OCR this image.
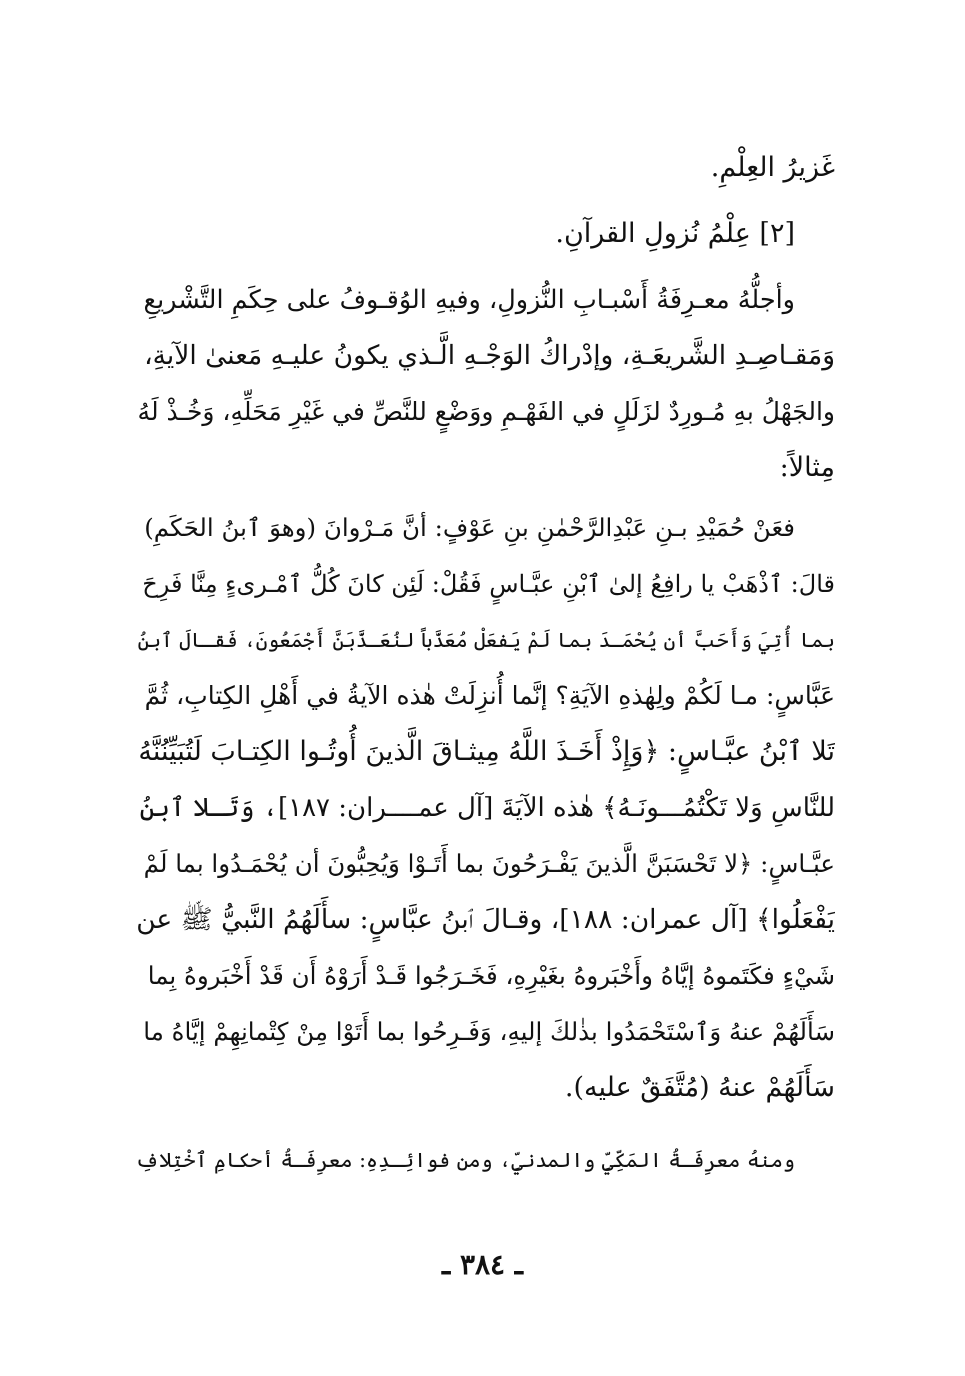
غَزيرُ العِلْمِ.
[٢] عِلْمُ نُزولِ القرآنِ.
وأجلُّهُ معـرِفَةُ أَسْبـابِ النُّزولِ، وفيهِ الوُقـوفُ على حِكَمِ التَّشْريعِ
وَمَقـاصِـدِ الشَّريعَـةِ، وإدْراكُ الوَجْـهِ الَّـذي يكونُ عليـهِ مَعنىٰ الآيةِ،
والجَهْلُ بهِ مُـورِدٌ لزَلَلٍ في الفَهْـمِ ووَضْعٍ للنَّصِّ في غَيْرِ مَحَلِّهِ، وَخُـذْ لَهُ
مِثالاً:
فعَنْ حُمَيْدِ بـنِ عَبْدِالرَّحْمٰنِ بنِ عَوْفٍ: أنَّ مَـرْوانَ (وهوَ ٱبنُ الحَكَمِ)
قالَ: ٱذْهَبْ يا رافِعُ إلىٰ ٱبْنِ عبَّـاسٍ فَقُلْ: لَئِن كانَ كُلُّ ٱمْـرىءٍ مِنَّا فَرِحَ
بما أُتِيَ وَأَحَبَّ أن يُحْمَـدَ بما لَمْ يَفعَلْ مُعَذَّباً لنُعَـذَّبَنَّ أَجْمَعُونَ، فَقـالَ ٱبنُ
عَبَّاسٍ: مـا لَكُمْ ولِهٰذهِ الآيَةِ؟ إنَّما أُنزِلَتْ هٰذه الآيةُ في أَهْلِ الكِتابِ، ثُمَّ
تَلا ٱبْنُ عبَّـاسٍ: ﴿وَإِذْ أَخَـذَ اللَّهُ مِيثـاقَ الَّذينَ أُوتُـوا الكِتـابَ لَتُبَيِّنُنَّهُ
للنَّاسِ وَلا تَكْتُمُـــونَـهُ﴾ هٰذه الآيَةَ [آل عمــــران: ١٨٧]، وَتَـلا ٱبنُ
عبَّـاسٍ: ﴿لا تَحْسَبَنَّ الَّذينَ يَفْـرَحُونَ بما أَتَـوْا وَيُحِبُّونَ أن يُحْمَـدُوا بما لَمْ
يَفْعَلُوا﴾ [آل عمران: ١٨٨]، وقـالَ ٱبنُ عبَّاسٍ: سأَلَهُمُ النَّبيُّ ﷺ عن
شَيْءٍ فكَتَموهُ إيَّاهُ وأَخْبَروهُ بغَيْرِهِ، فَخَـرَجُوا قَـدْ أَرَوْهُ أَن قَدْ أَخْبَروهُ بِما
سَأَلَهُمْ عنهُ وَٱسْتَحْمَدُوا بذٰلكَ إليهِ، وَفَـرِحُوا بما أَتَوْا مِنْ كِتْمانِهِمْ إيَّاهُ ما
سَأَلَهُمْ عنهُ (مُتَّفَقٌ عليه).
ومنهُ معرِفَـةُ المَكِّيِّ والمدنيِّ، ومن فوائِـدِهِ: معرِفَـةُ أحكامِ ٱخْتِلافِ
ـ ٣٨٤ ـ
